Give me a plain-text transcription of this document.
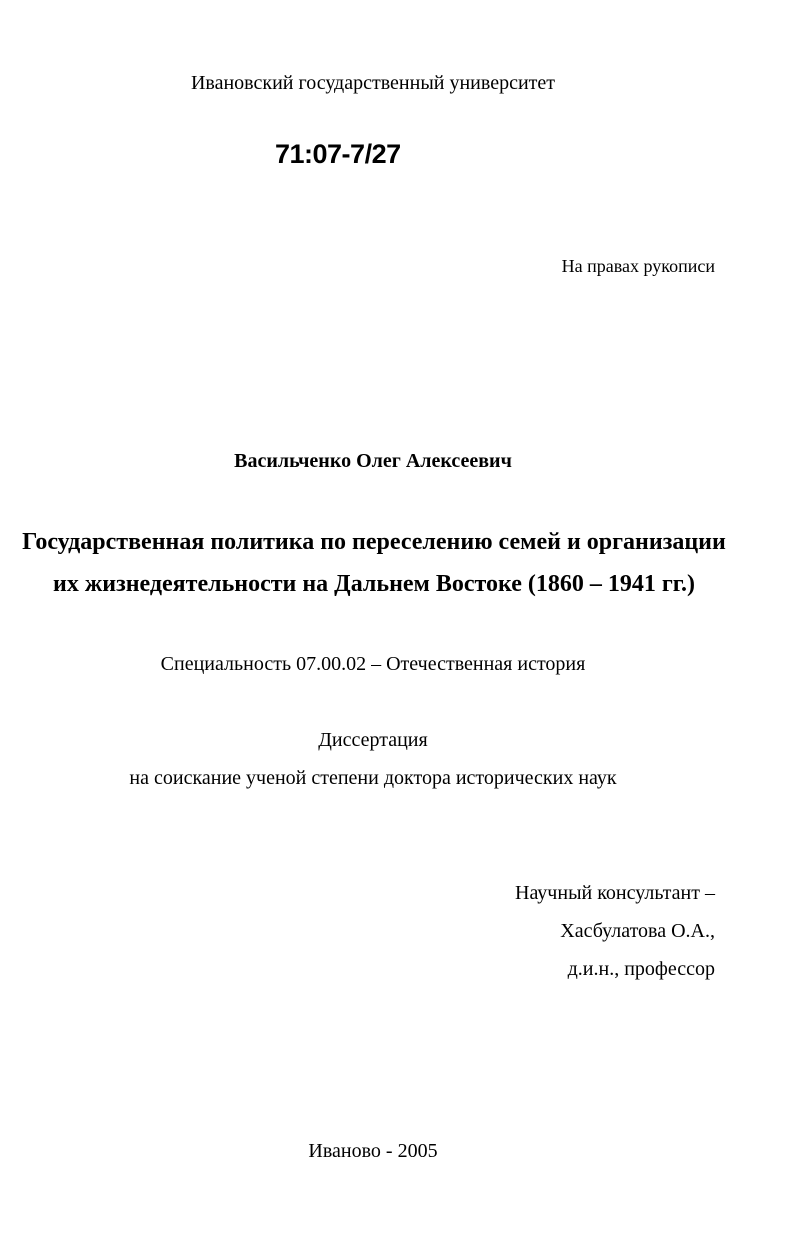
Ивановский государственный университет
71:07-7/27
На правах рукописи
Васильченко Олег Алексеевич
Государственная политика по переселению семей и организации
их жизнедеятельности на Дальнем Востоке (1860 – 1941 гг.)
Специальность 07.00.02 – Отечественная история
Диссертация
на соискание ученой степени доктора исторических наук
Научный консультант –
Хасбулатова О.А.,
д.и.н., профессор
Иваново - 2005
